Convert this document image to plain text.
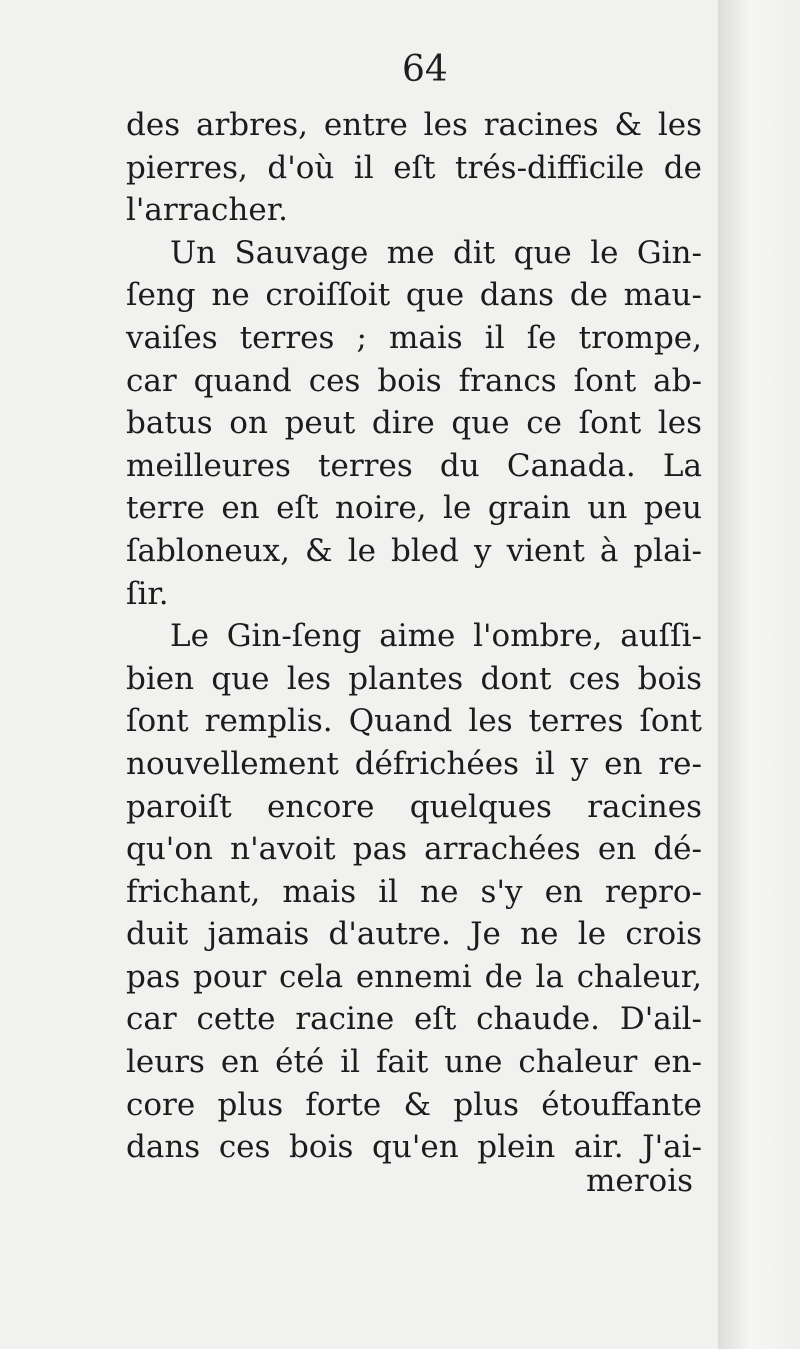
64
des arbres, entre les racines & les
pierres, d'où il eſt trés-difficile de
l'arracher.
Un Sauvage me dit que le Gin-
ſeng ne croiſſoit que dans de mau-
vaiſes terres ; mais il ſe trompe,
car quand ces bois francs ſont ab-
batus on peut dire que ce ſont les
meilleures terres du Canada. La
terre en eſt noire, le grain un peu
ſabloneux, & le bled y vient à plai-
ſir.
Le Gin-ſeng aime l'ombre, auſſi-
bien que les plantes dont ces bois
ſont remplis. Quand les terres ſont
nouvellement défrichées il y en re-
paroiſt encore quelques racines
qu'on n'avoit pas arrachées en dé-
frichant, mais il ne s'y en repro-
duit jamais d'autre. Je ne le crois
pas pour cela ennemi de la chaleur,
car cette racine eſt chaude. D'ail-
leurs en été il fait une chaleur en-
core plus forte & plus étouffante
dans ces bois qu'en plein air. J'ai-
merois
